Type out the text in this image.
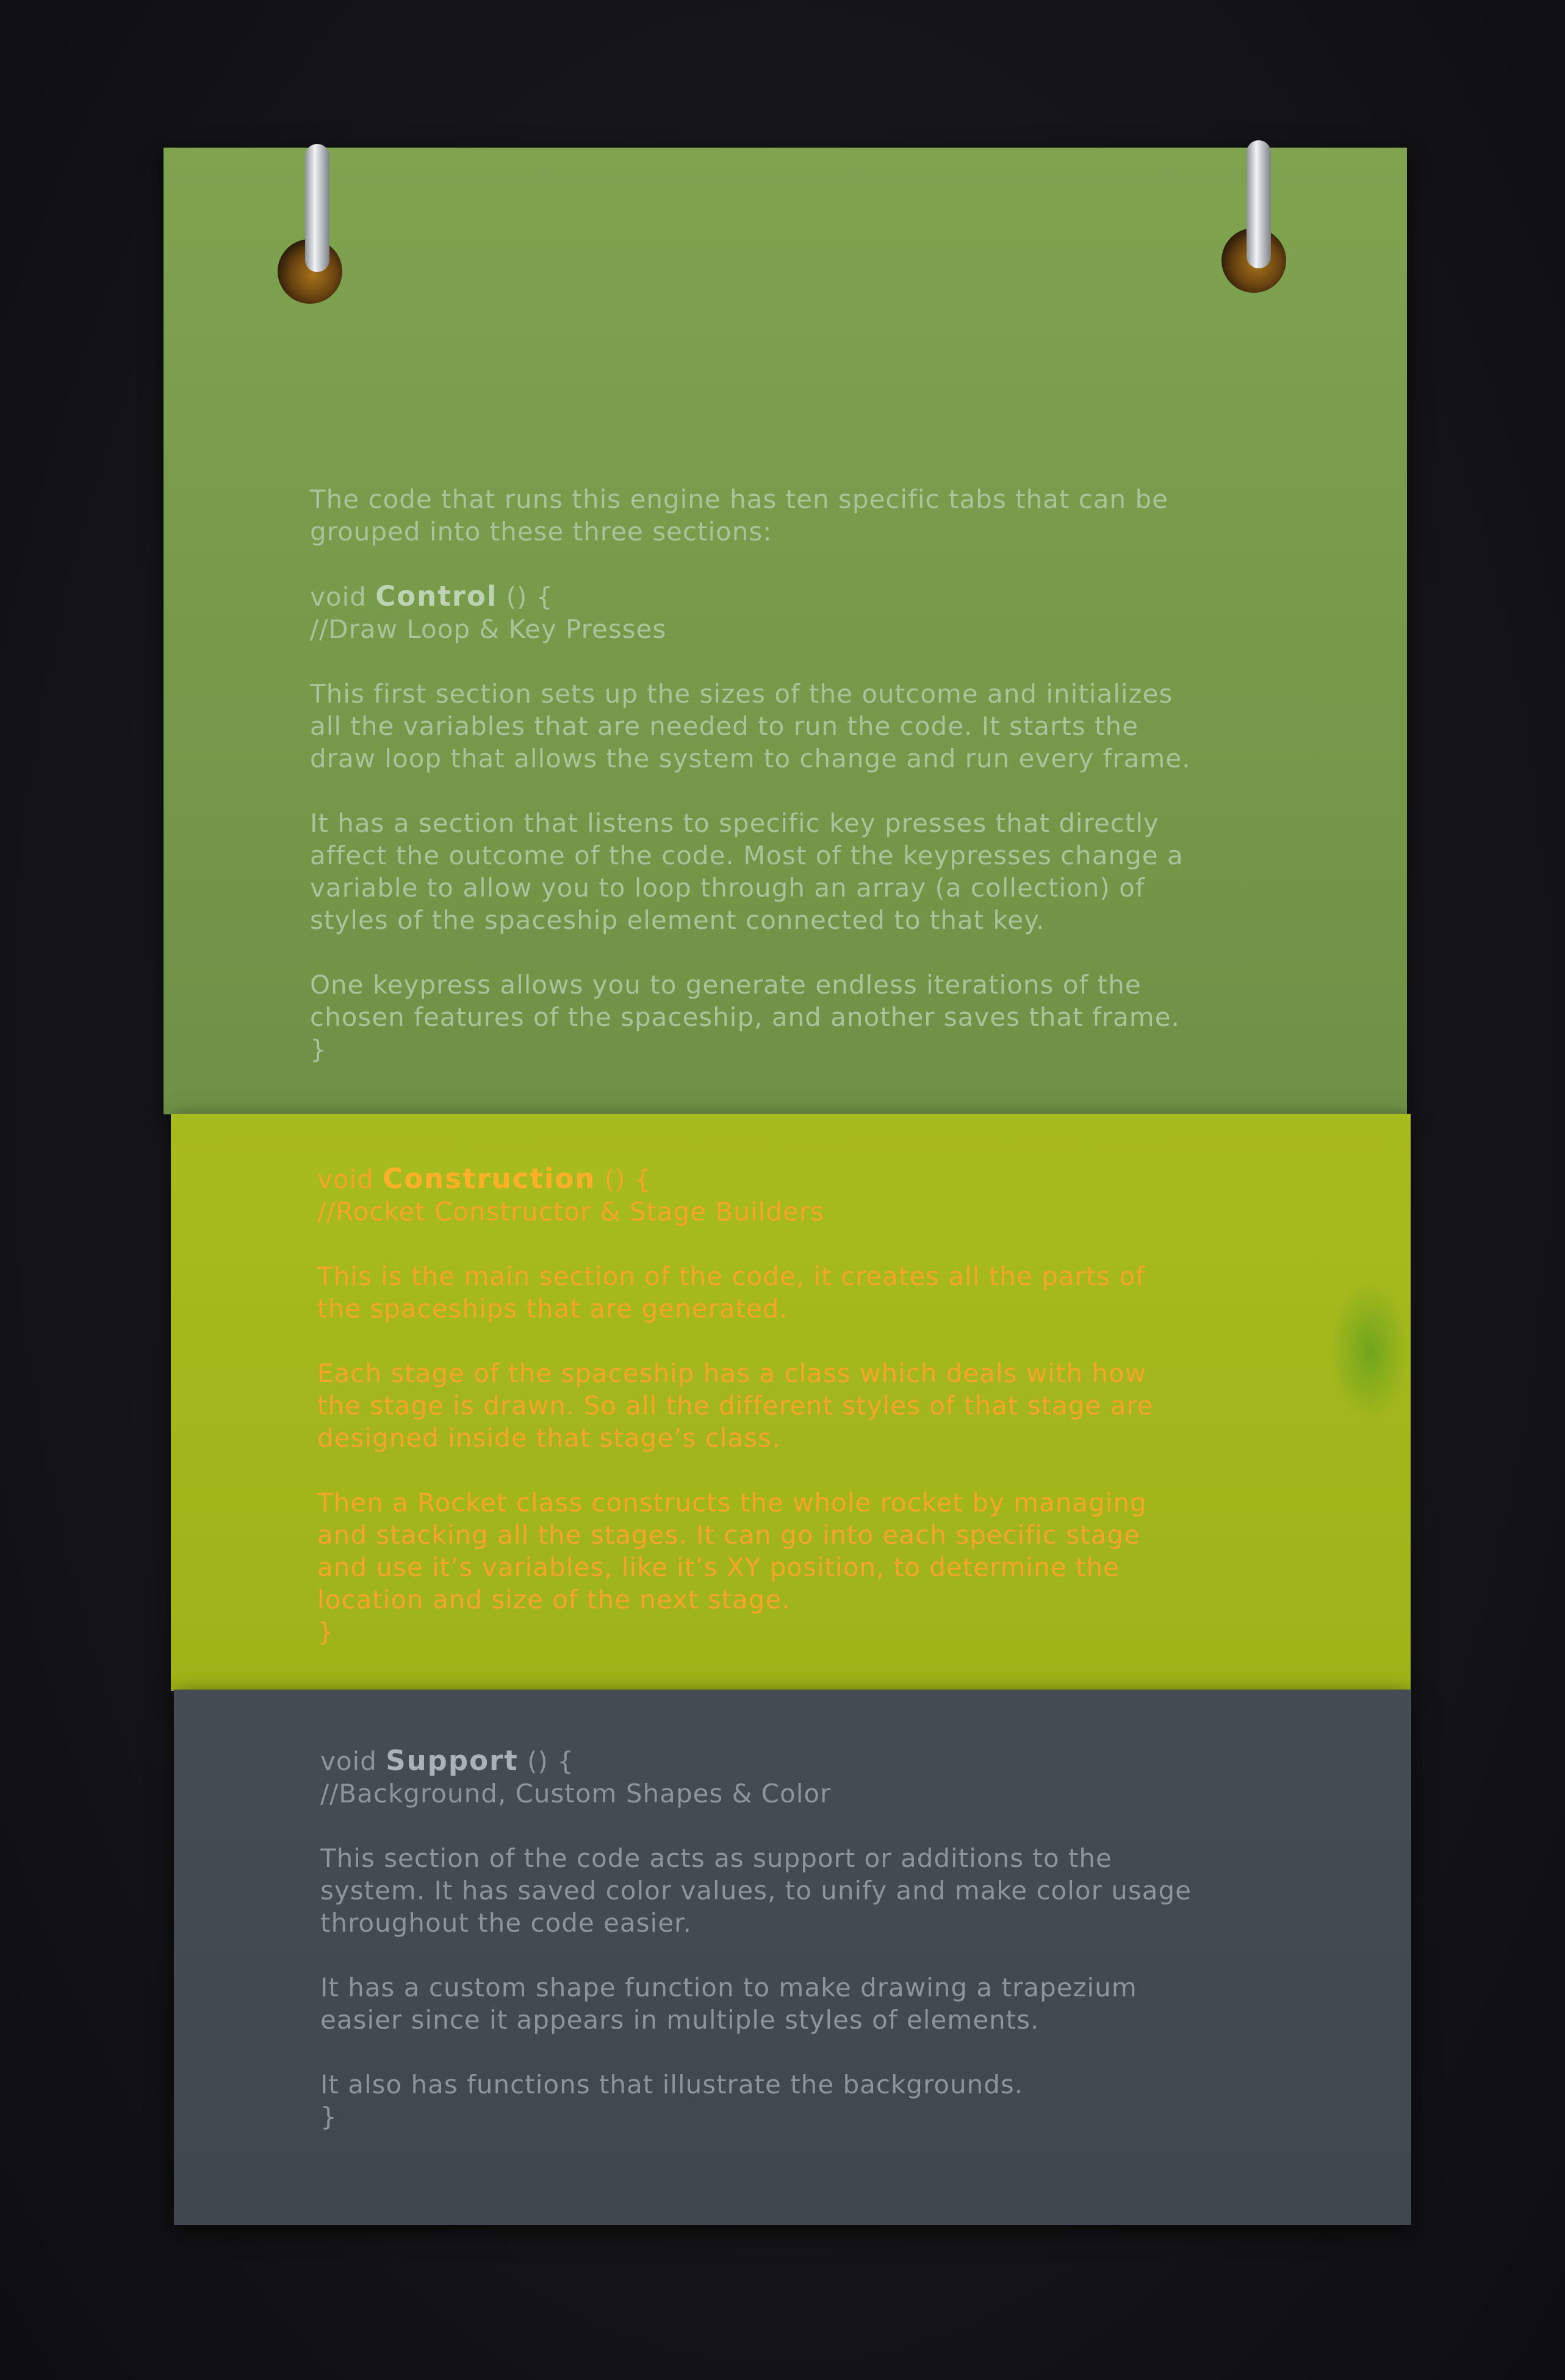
The code that runs this engine has ten specific tabs that can be

grouped into these three sections:

void Control () {

//Draw Loop & Key Presses

This first section sets up the sizes of the outcome and initializes

all the variables that are needed to run the code. It starts the

draw loop that allows the system to change and run every frame.

It has a section that listens to specific key presses that directly

affect the outcome of the code. Most of the keypresses change a

variable to allow you to loop through an array (a collection) of

styles of the spaceship element connected to that key.

One keypress allows you to generate endless iterations of the

chosen features of the spaceship, and another saves that frame.

}

void Construction () {

//Rocket Constructor & Stage Builders

This is the main section of the code, it creates all the parts of

the spaceships that are generated.

Each stage of the spaceship has a class which deals with how

the stage is drawn. So all the different styles of that stage are

designed inside that stage’s class.

Then a Rocket class constructs the whole rocket by managing

and stacking all the stages. It can go into each specific stage

and use it’s variables, like it’s XY position, to determine the

location and size of the next stage.

}

void Support () {

//Background, Custom Shapes & Color

This section of the code acts as support or additions to the

system. It has saved color values, to unify and make color usage

throughout the code easier.

It has a custom shape function to make drawing a trapezium

easier since it appears in multiple styles of elements.

It also has functions that illustrate the backgrounds.

}
